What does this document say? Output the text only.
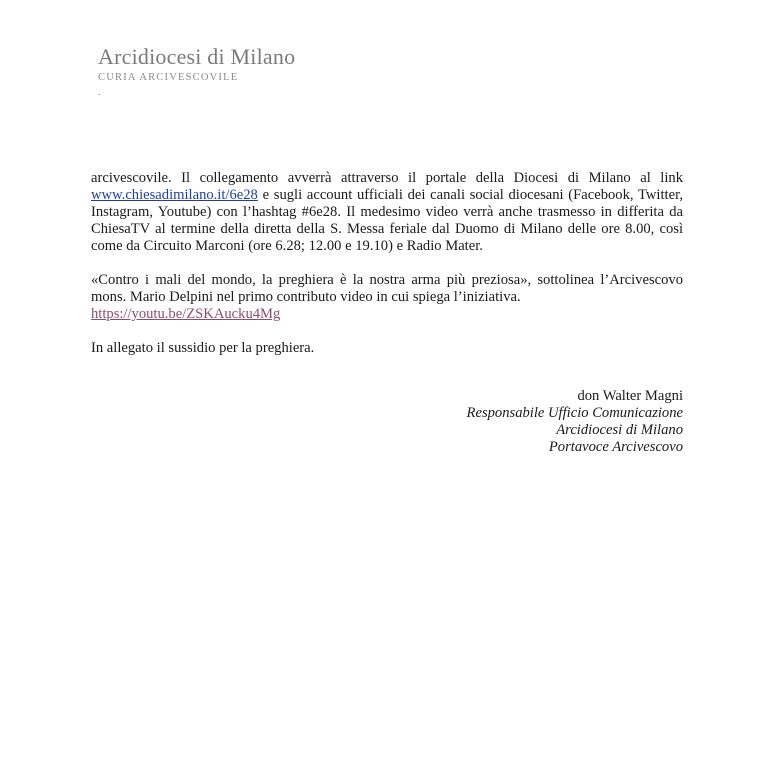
Arcidiocesi di Milano
CURIA ARCIVESCOVILE
.

arcivescovile. Il collegamento avverrà attraverso il portale della Diocesi di Milano al link www.chiesadimilano.it/6e28 e sugli account ufficiali dei canali social diocesani (Facebook, Twitter, Instagram, Youtube) con l’hashtag #6e28. Il medesimo video verrà anche trasmesso in differita da ChiesaTV al termine della diretta della S. Messa feriale dal Duomo di Milano delle ore 8.00, così come da Circuito Marconi (ore 6.28; 12.00 e 19.10) e Radio Mater.

«Contro i mali del mondo, la preghiera è la nostra arma più preziosa», sottolinea l’Arcivescovo mons. Mario Delpini nel primo contributo video in cui spiega l’iniziativa.
https://youtu.be/ZSKAucku4Mg

In allegato il sussidio per la preghiera.

don Walter Magni
Responsabile Ufficio Comunicazione
Arcidiocesi di Milano
Portavoce Arcivescovo
